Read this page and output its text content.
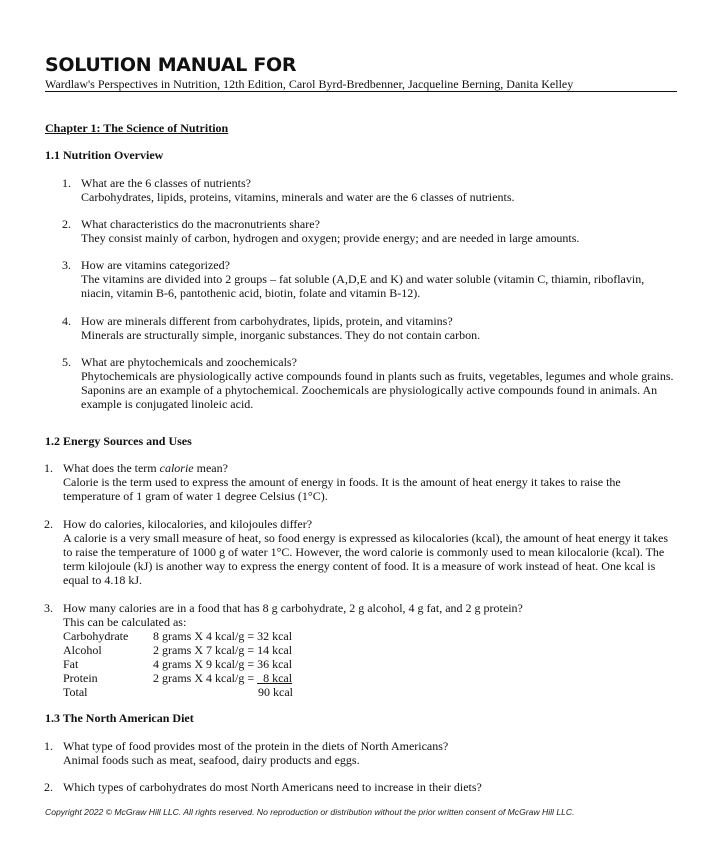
SOLUTION MANUAL FOR
Wardlaw's Perspectives in Nutrition, 12th Edition, Carol Byrd-Bredbenner, Jacqueline Berning, Danita Kelley
Chapter 1: The Science of Nutrition
1.1 Nutrition Overview
1. What are the 6 classes of nutrients?
Carbohydrates, lipids, proteins, vitamins, minerals and water are the 6 classes of nutrients.
2. What characteristics do the macronutrients share?
They consist mainly of carbon, hydrogen and oxygen; provide energy; and are needed in large amounts.
3. How are vitamins categorized?
The vitamins are divided into 2 groups – fat soluble (A,D,E and K) and water soluble (vitamin C, thiamin, riboflavin, niacin, vitamin B-6, pantothenic acid, biotin, folate and vitamin B-12).
4. How are minerals different from carbohydrates, lipids, protein, and vitamins?
Minerals are structurally simple, inorganic substances. They do not contain carbon.
5. What are phytochemicals and zoochemicals?
Phytochemicals are physiologically active compounds found in plants such as fruits, vegetables, legumes and whole grains. Saponins are an example of a phytochemical. Zoochemicals are physiologically active compounds found in animals. An example is conjugated linoleic acid.
1.2 Energy Sources and Uses
1. What does the term calorie mean?
Calorie is the term used to express the amount of energy in foods. It is the amount of heat energy it takes to raise the temperature of 1 gram of water 1 degree Celsius (1°C).
2. How do calories, kilocalories, and kilojoules differ?
A calorie is a very small measure of heat, so food energy is expressed as kilocalories (kcal), the amount of heat energy it takes to raise the temperature of 1000 g of water 1°C. However, the word calorie is commonly used to mean kilocalorie (kcal). The term kilojoule (kJ) is another way to express the energy content of food. It is a measure of work instead of heat. One kcal is equal to 4.18 kJ.
3. How many calories are in a food that has 8 g carbohydrate, 2 g alcohol, 4 g fat, and 2 g protein?
This can be calculated as:
Carbohydrate 8 grams X 4 kcal/g = 32 kcal
Alcohol	2 grams X 7 kcal/g = 14 kcal
Fat	4 grams X 9 kcal/g = 36 kcal
Protein	2 grams X 4 kcal/g =   8 kcal
Total	90 kcal
1.3 The North American Diet
1. What type of food provides most of the protein in the diets of North Americans?
Animal foods such as meat, seafood, dairy products and eggs.
2. Which types of carbohydrates do most North Americans need to increase in their diets?
Copyright 2022 © McGraw Hill LLC. All rights reserved. No reproduction or distribution without the prior written consent of McGraw Hill LLC.
